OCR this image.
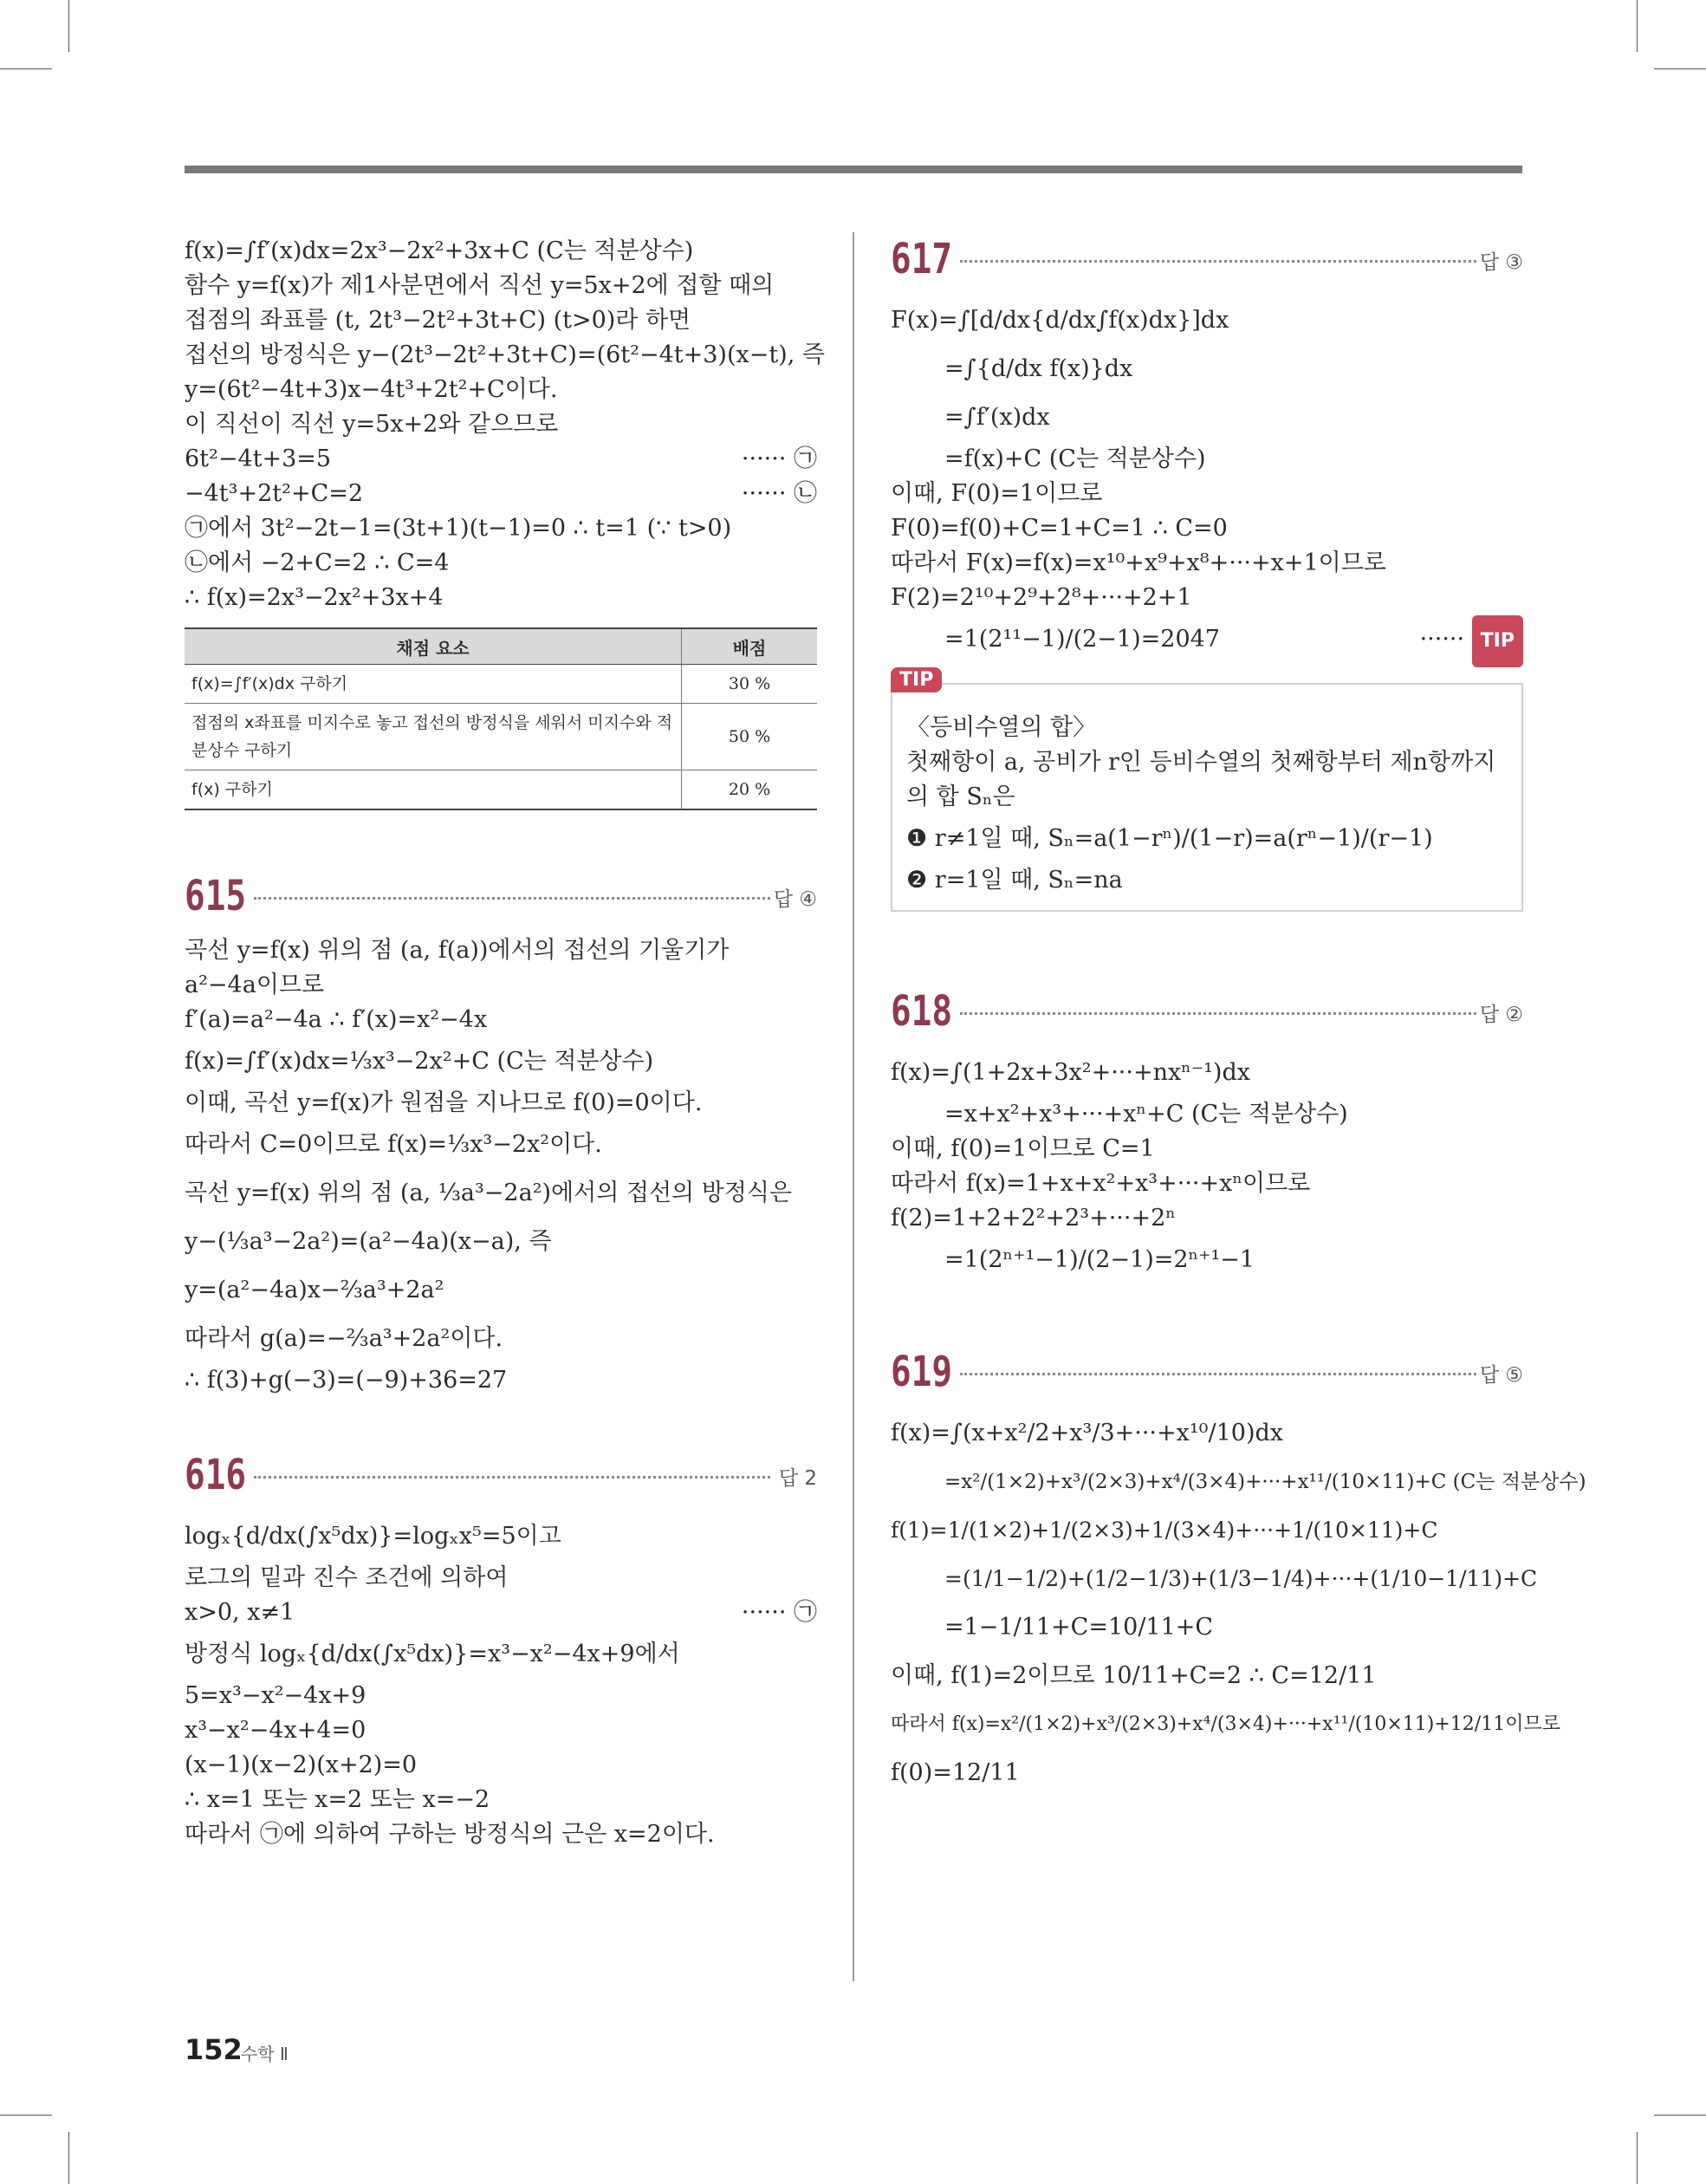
f(x)=∫f′(x)dx=2x³−2x²+3x+C (C는 적분상수)
함수 y=f(x)가 제1사분면에서 직선 y=5x+2에 접할 때의
접점의 좌표를 (t, 2t³−2t²+3t+C) (t>0)라 하면
접선의 방정식은 y−(2t³−2t²+3t+C)=(6t²−4t+3)(x−t), 즉
y=(6t²−4t+3)x−4t³+2t²+C이다.
이 직선이 직선 y=5x+2와 같으므로
6t²−4t+3=5	······ ㉠
−4t³+2t²+C=2	······ ㉡
㉠에서 3t²−2t−1=(3t+1)(t−1)=0 ∴ t=1 (∵ t>0)
㉡에서 −2+C=2 ∴ C=4
∴ f(x)=2x³−2x²+3x+4
채점 요소	배점
f(x)=∫f′(x)dx 구하기	30 %
접점의 x좌표를 미지수로 놓고 접선의 방정식을 세워서 미지수와 적분상수 구하기	50 %
f(x) 구하기	20 %
615	답 ④
곡선 y=f(x) 위의 점 (a, f(a))에서의 접선의 기울기가
a²−4a이므로
f′(a)=a²−4a ∴ f′(x)=x²−4x
f(x)=∫f′(x)dx=⅓x³−2x²+C (C는 적분상수)
이때, 곡선 y=f(x)가 원점을 지나므로 f(0)=0이다.
따라서 C=0이므로 f(x)=⅓x³−2x²이다.
곡선 y=f(x) 위의 점 (a, ⅓a³−2a²)에서의 접선의 방정식은
y−(⅓a³−2a²)=(a²−4a)(x−a), 즉
y=(a²−4a)x−⅔a³+2a²
따라서 g(a)=−⅔a³+2a²이다.
∴ f(3)+g(−3)=(−9)+36=27
616	답 2
logₓ{d/dx(∫x⁵dx)}=logₓx⁵=5이고
로그의 밑과 진수 조건에 의하여
x>0, x≠1	······ ㉠
방정식 logₓ{d/dx(∫x⁵dx)}=x³−x²−4x+9에서
5=x³−x²−4x+9
x³−x²−4x+4=0
(x−1)(x−2)(x+2)=0
∴ x=1 또는 x=2 또는 x=−2
따라서 ㉠에 의하여 구하는 방정식의 근은 x=2이다.
617	답 ③
F(x)=∫[d/dx{d/dx∫f(x)dx}]dx
=∫{d/dx f(x)}dx
=∫f′(x)dx
=f(x)+C (C는 적분상수)
이때, F(0)=1이므로
F(0)=f(0)+C=1+C=1 ∴ C=0
따라서 F(x)=f(x)=x¹⁰+x⁹+x⁸+···+x+1이므로
F(2)=2¹⁰+2⁹+2⁸+···+2+1
=1(2¹¹−1)/(2−1)=2047	······ TIP
TIP
〈등비수열의 합〉
첫째항이 a, 공비가 r인 등비수열의 첫째항부터 제n항까지의 합 Sₙ은
❶ r≠1일 때, Sₙ=a(1−rⁿ)/(1−r)=a(rⁿ−1)/(r−1)
❷ r=1일 때, Sₙ=na
618	답 ②
f(x)=∫(1+2x+3x²+···+nxⁿ⁻¹)dx
=x+x²+x³+···+xⁿ+C (C는 적분상수)
이때, f(0)=1이므로 C=1
따라서 f(x)=1+x+x²+x³+···+xⁿ이므로
f(2)=1+2+2²+2³+···+2ⁿ
=1(2ⁿ⁺¹−1)/(2−1)=2ⁿ⁺¹−1
619	답 ⑤
f(x)=∫(x+x²/2+x³/3+···+x¹⁰/10)dx
=x²/(1×2)+x³/(2×3)+x⁴/(3×4)+···+x¹¹/(10×11)+C (C는 적분상수)
f(1)=1/(1×2)+1/(2×3)+1/(3×4)+···+1/(10×11)+C
=(1/1−1/2)+(1/2−1/3)+(1/3−1/4)+···+(1/10−1/11)+C
=1−1/11+C=10/11+C
이때, f(1)=2이므로 10/11+C=2 ∴ C=12/11
따라서 f(x)=x²/(1×2)+x³/(2×3)+x⁴/(3×4)+···+x¹¹/(10×11)+12/11이므로
f(0)=12/11
152
수학 Ⅱ
